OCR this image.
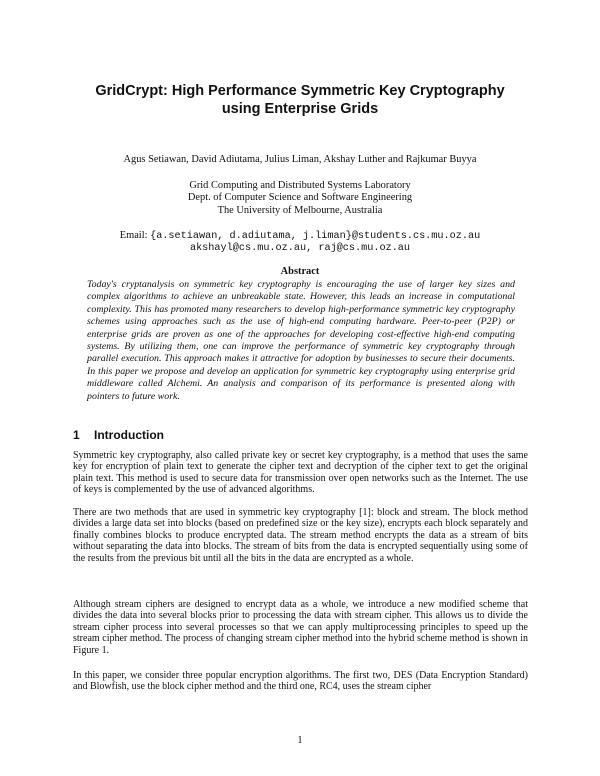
GridCrypt: High Performance Symmetric Key Cryptography
using Enterprise Grids

Agus Setiawan, David Adiutama, Julius Liman, Akshay Luther and Rajkumar Buyya

Grid Computing and Distributed Systems Laboratory
Dept. of Computer Science and Software Engineering
The University of Melbourne, Australia
Email: {a.setiawan, d.adiutama, j.liman}@students.cs.mu.oz.au
akshayl@cs.mu.oz.au, raj@cs.mu.oz.au
Abstract

Today's cryptanalysis on symmetric key cryptography is encouraging the use of larger key sizes and complex algorithms to achieve an unbreakable state. However, this leads an increase in computational complexity. This has promoted many researchers to develop high-performance symmetric key cryptography schemes using approaches such as the use of high-end computing hardware. Peer-to-peer (P2P) or enterprise grids are proven as one of the approaches for developing cost-effective high-end computing systems. By utilizing them, one can improve the performance of symmetric key cryptography through parallel execution. This approach makes it attractive for adoption by businesses to secure their documents. In this paper we propose and develop an application for symmetric key cryptography using enterprise grid middleware called Alchemi. An analysis and comparison of its performance is presented along with pointers to future work.

1 Introduction

Symmetric key cryptography, also called private key or secret key cryptography, is a method that uses the same key for encryption of plain text to generate the cipher text and decryption of the cipher text to get the original plain text. This method is used to secure data for transmission over open networks such as the Internet. The use of keys is complemented by the use of advanced algorithms.

There are two methods that are used in symmetric key cryptography [1]: block and stream. The block method divides a large data set into blocks (based on predefined size or the key size), encrypts each block separately and finally combines blocks to produce encrypted data. The stream method encrypts the data as a stream of bits without separating the data into blocks. The stream of bits from the data is encrypted sequentially using some of the results from the previous bit until all the bits in the data are encrypted as a whole.

Although stream ciphers are designed to encrypt data as a whole, we introduce a new modified scheme that divides the data into several blocks prior to processing the data with stream cipher. This allows us to divide the stream cipher process into several processes so that we can apply multiprocessing principles to speed up the stream cipher method. The process of changing stream cipher method into the hybrid scheme method is shown in Figure 1.

In this paper, we consider three popular encryption algorithms. The first two, DES (Data Encryption Standard) and Blowfish, use the block cipher method and the third one, RC4, uses the stream cipher

1
